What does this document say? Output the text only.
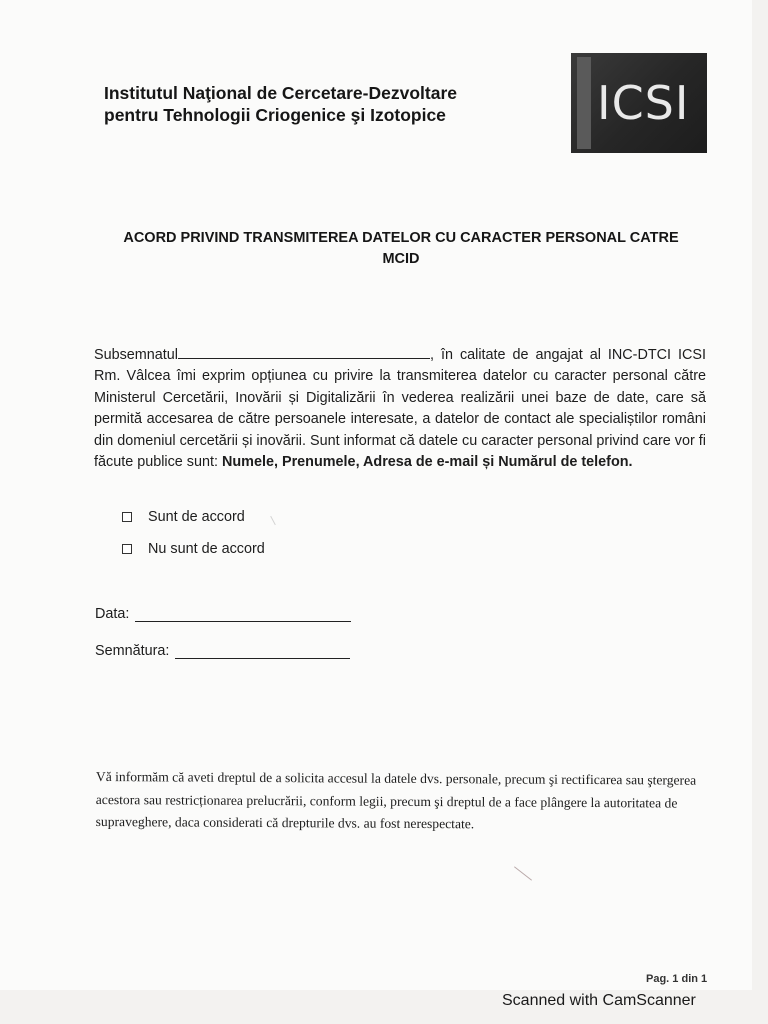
Institutul Naţional de Cercetare-Dezvoltare
pentru Tehnologii Criogenice şi Izotopice	ICSI
ACORD PRIVIND TRANSMITEREA DATELOR CU CARACTER PERSONAL CATRE
MCID
Subsemnatul	, în calitate de angajat al INC-DTCI ICSI Rm. Vâlcea îmi exprim opțiunea cu privire la transmiterea datelor cu caracter personal către Ministerul Cercetării, Inovării și Digitalizării în vederea realizării unei baze de date, care să permită accesarea de către persoanele interesate, a datelor de contact ale specialiștilor români din domeniul cercetării și inovării. Sunt informat că datele cu caracter personal privind care vor fi făcute publice sunt: Numele, Prenumele, Adresa de e-mail și Numărul de telefon.
Sunt de accord
Nu sunt de accord
Data:
Semnătura:
Vă informăm că aveti dreptul de a solicita accesul la datele dvs. personale, precum şi rectificarea sau ştergerea acestora sau restricționarea prelucrării, conform legii, precum şi dreptul de a face plângere la autoritatea de supraveghere, daca considerati că drepturile dvs. au fost nerespectate.
Pag. 1 din 1
Scanned with CamScanner
